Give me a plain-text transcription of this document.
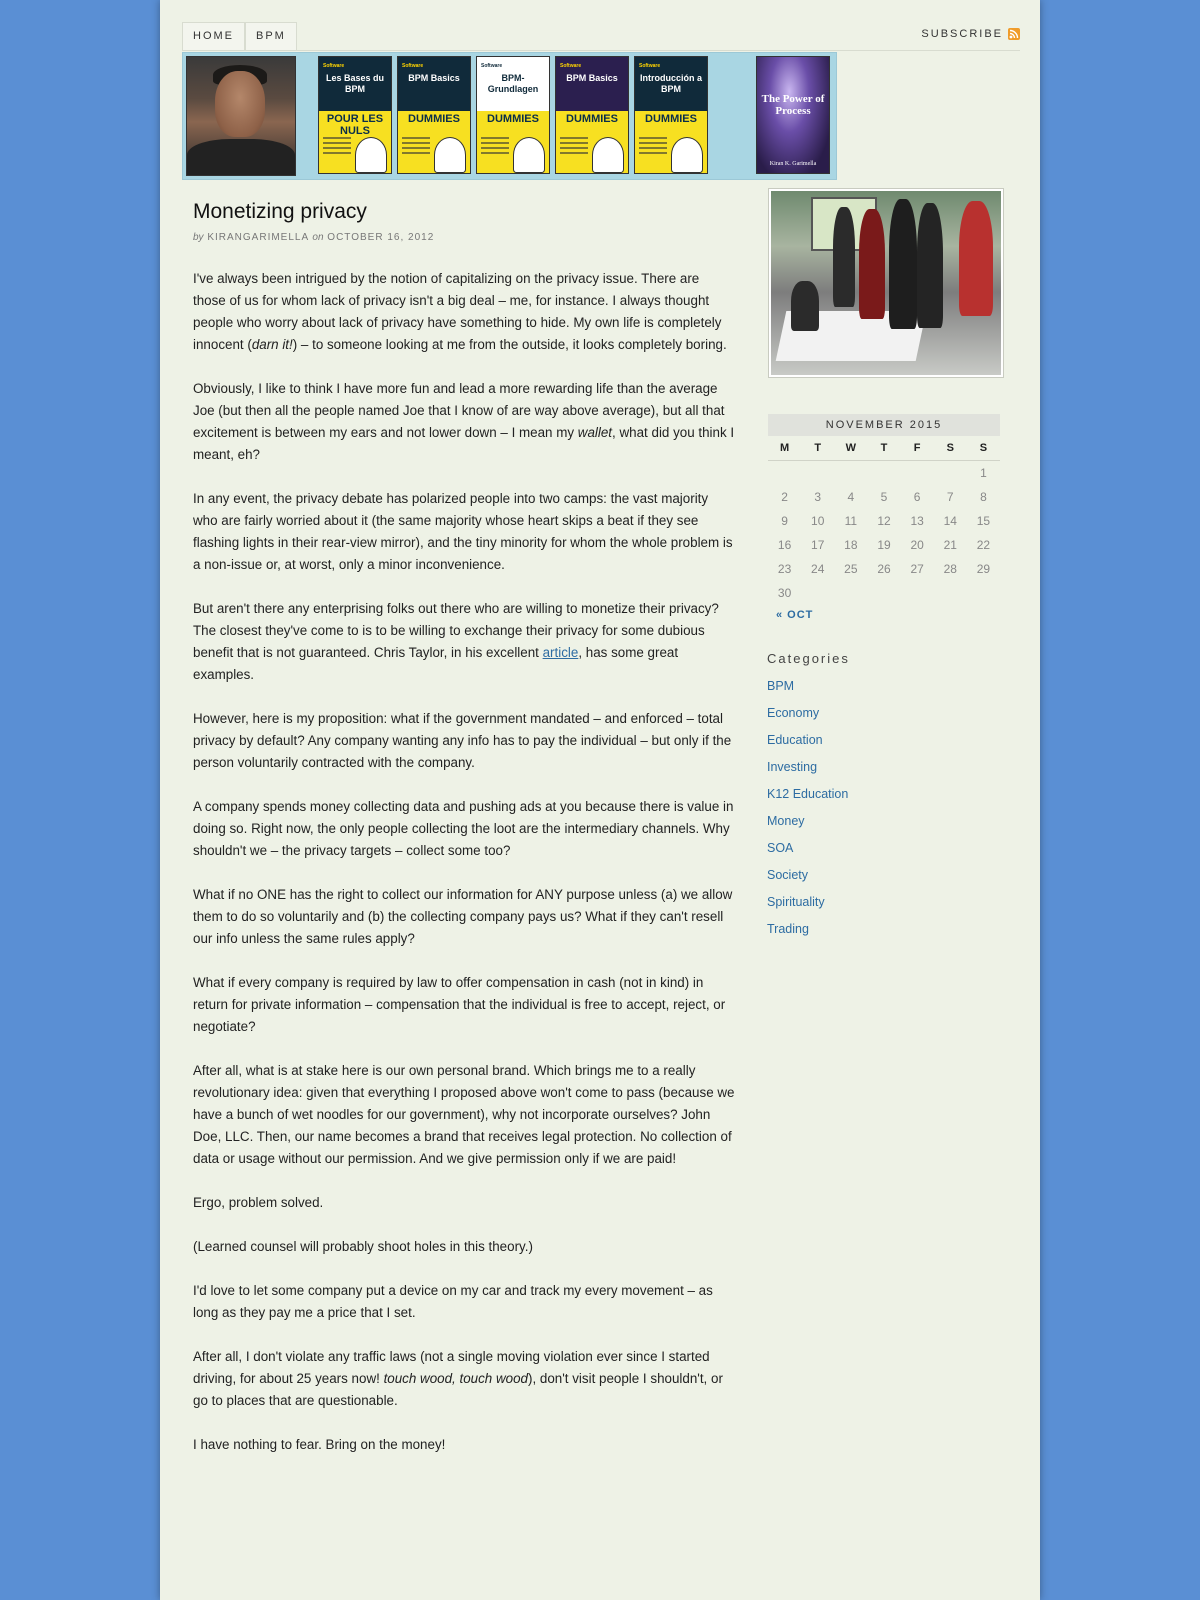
HOME	BPM	SUBSCRIBE
Software
Les Bases du BPM
POUR LES NULS
Software
BPM Basics
DUMMIES
Software
BPM-Grundlagen
DUMMIES
Software
BPM Basics
DUMMIES
Software
Introducción a BPM
DUMMIES
The Power of Process
Kiran K. Garimella
Monetizing privacy
by KIRANGARIMELLA on OCTOBER 16, 2012

I've always been intrigued by the notion of capitalizing on the privacy issue. There are those of us for whom lack of privacy isn't a big deal – me, for instance. I always thought people who worry about lack of privacy have something to hide. My own life is completely innocent (darn it!) – to someone looking at me from the outside, it looks completely boring.

Obviously, I like to think I have more fun and lead a more rewarding life than the average Joe (but then all the people named Joe that I know of are way above average), but all that excitement is between my ears and not lower down – I mean my wallet, what did you think I meant, eh?

In any event, the privacy debate has polarized people into two camps: the vast majority who are fairly worried about it (the same majority whose heart skips a beat if they see flashing lights in their rear-view mirror), and the tiny minority for whom the whole problem is a non-issue or, at worst, only a minor inconvenience.

But aren't there any enterprising folks out there who are willing to monetize their privacy? The closest they've come to is to be willing to exchange their privacy for some dubious benefit that is not guaranteed. Chris Taylor, in his excellent article, has some great examples.

However, here is my proposition: what if the government mandated – and enforced – total privacy by default? Any company wanting any info has to pay the individual – but only if the person voluntarily contracted with the company.

A company spends money collecting data and pushing ads at you because there is value in doing so. Right now, the only people collecting the loot are the intermediary channels. Why shouldn't we – the privacy targets – collect some too?

What if no ONE has the right to collect our information for ANY purpose unless (a) we allow them to do so voluntarily and (b) the collecting company pays us? What if they can't resell our info unless the same rules apply?

What if every company is required by law to offer compensation in cash (not in kind) in return for private information – compensation that the individual is free to accept, reject, or negotiate?

After all, what is at stake here is our own personal brand. Which brings me to a really revolutionary idea: given that everything I proposed above won't come to pass (because we have a bunch of wet noodles for our government), why not incorporate ourselves? John Doe, LLC. Then, our name becomes a brand that receives legal protection. No collection of data or usage without our permission. And we give permission only if we are paid!

Ergo, problem solved.

(Learned counsel will probably shoot holes in this theory.)

I'd love to let some company put a device on my car and track my every movement – as long as they pay me a price that I set.

After all, I don't violate any traffic laws (not a single moving violation ever since I started driving, for about 25 years now! touch wood, touch wood), don't visit people I shouldn't, or go to places that are questionable.

I have nothing to fear. Bring on the money!

NOVEMBER 2015
M	T	W	T	F	S	S
						1
2	3	4	5	6	7	8
9	10	11	12	13	14	15
16	17	18	19	20	21	22
23	24	25	26	27	28	29
30						
« OCT
Categories
BPM
Economy
Education
Investing
K12 Education
Money
SOA
Society
Spirituality
Trading
